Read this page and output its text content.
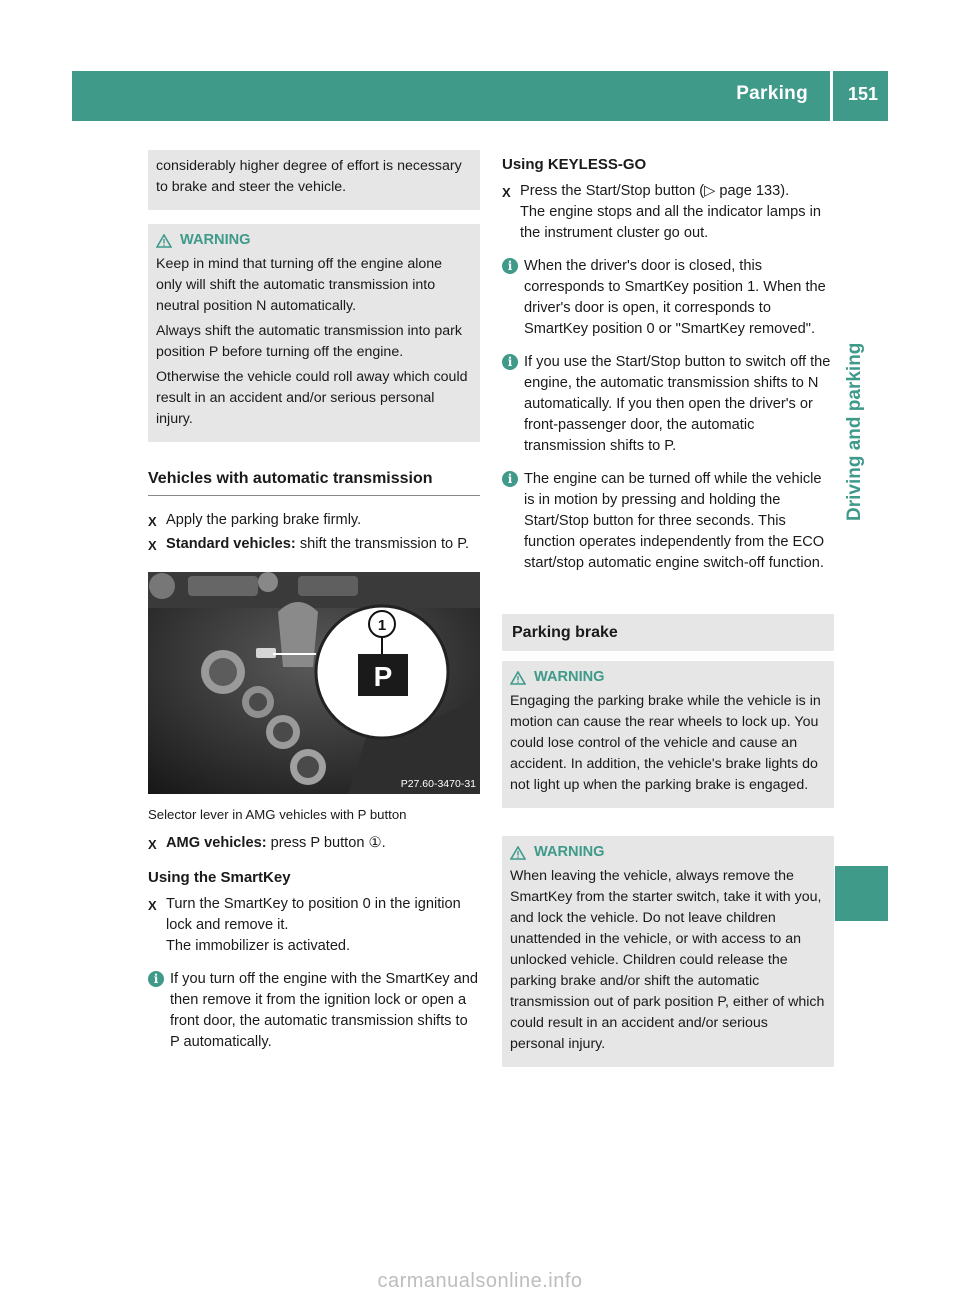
Parking 151
Driving and parking

considerably higher degree of effort is necessary to brake and steer the vehicle.

WARNING

Keep in mind that turning off the engine alone only will shift the automatic transmission into neutral position N automatically.

Always shift the automatic transmission into park position P before turning off the engine.

Otherwise the vehicle could roll away which could result in an accident and/or serious personal injury.

Vehicles with automatic transmission
X Apply the parking brake firmly.
X Standard vehicles: shift the transmission to P.
1
P
P27.60-3470-31
Selector lever in AMG vehicles with P button
X AMG vehicles: press P button ①.
Using the SmartKey
X Turn the SmartKey to position 0 in the ignition lock and remove it.
The immobilizer is activated.
i If you turn off the engine with the SmartKey and then remove it from the ignition lock or open a front door, the automatic transmission shifts to P automatically.
Using KEYLESS-GO
X Press the Start/Stop button (▷ page 133).
The engine stops and all the indicator lamps in the instrument cluster go out.
i When the driver's door is closed, this corresponds to SmartKey position 1. When the driver's door is open, it corresponds to SmartKey position 0 or "SmartKey removed".
i If you use the Start/Stop button to switch off the engine, the automatic transmission shifts to N automatically. If you then open the driver's or front-passenger door, the automatic transmission shifts to P.
i The engine can be turned off while the vehicle is in motion by pressing and holding the Start/Stop button for three seconds. This function operates independently from the ECO start/stop automatic engine switch-off function.
Parking brake
WARNING

Engaging the parking brake while the vehicle is in motion can cause the rear wheels to lock up. You could lose control of the vehicle and cause an accident. In addition, the vehicle's brake lights do not light up when the parking brake is engaged.

WARNING

When leaving the vehicle, always remove the SmartKey from the starter switch, take it with you, and lock the vehicle. Do not leave children unattended in the vehicle, or with access to an unlocked vehicle. Children could release the parking brake and/or shift the automatic transmission out of park position P, either of which could result in an accident and/or serious personal injury.

carmanualsonline.info
